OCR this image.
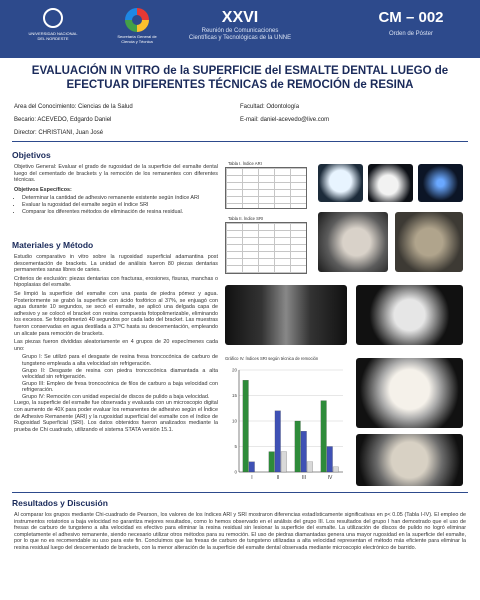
UNIVERSIDAD NACIONAL DEL NORDESTE	Secretaría General de Ciencia y Técnica
XXVI
Reunión de Comunicaciones
Científicas y Tecnológicas de la UNNE
CM – 002
Orden de Póster
EVALUACIÓN IN VITRO de la SUPERFICIE del ESMALTE DENTAL LUEGO de
EFECTUAR DIFERENTES TÉCNICAS de REMOCIÓN de RESINA
Area del Conocimiento: Ciencias de la Salud	Facultad: Odontología
Becario: ACEVEDO, Edgardo Daniel	E-mail: daniel-acevedo@live.com
Director: CHRISTIANI, Juan José
Objetivos

Objetivo General: Evaluar el grado de rugosidad de la superficie del esmalte dental luego del cementado de brackets y la remoción de los remanentes con diferentes técnicas.

Objetivos Específicos:

• Determinar la cantidad de adhesivo remanente existente según índice ARI
• Evaluar la rugosidad del esmalte según el índice SRI
• Comparar los diferentes métodos de eliminación de resina residual.
Materiales y Método

Estudio comparativo in vitro sobre la rugosidad superficial adamantina post descementación de brackets. La unidad de análisis fueron 80 piezas dentarias permanentes sanas libres de caries.

Criterios de exclusión: piezas dentarias con fracturas, erosiones, fisuras, manchas o hipoplasias del esmalte.

Se limpió la superficie del esmalte con una pasta de piedra pómez y agua. Posteriormente se grabó la superficie con ácido fosfórico al 37%, se enjuagó con agua durante 10 segundos, se secó el esmalte, se aplicó una delgada capa de adhesivo y se colocó el bracket con resina compuesta fotopolimerizable, eliminando los excesos. Se fotopolimerizó 40 segundos por cada lado del bracket. Las muestras fueron conservadas en agua destilada a 37ºC hasta su descementación, empleando un alicate para remoción de brackets.

Las piezas fueron divididas aleatoriamente en 4 grupos de 20 especímenes cada uno:

• Grupo I: Se utilizó para el desgaste de resina fresa troncocónica de carburo de tungsteno empleada a alta velocidad sin refrigeración.
• Grupo II: Desgaste de resina con piedra troncocónica diamantada a alta velocidad sin refrigeración.
• Grupo III: Empleo de fresa troncocónica de filos de carburo a baja velocidad con refrigeración.
• Grupo IV: Remoción con unidad especial de discos de pulido a baja velocidad.

Luego, la superficie del esmalte fue observada y evaluada con un microscopio digital con aumento de 40X para poder evaluar los remanentes de adhesivo según el Índice de Adhesivo Remanente (ARI) y la rugosidad superficial del esmalte con el índice de Rugosidad Superficial (SRI). Los datos obtenidos fueron analizados mediante la prueba de Chi cuadrado, utilizando el sistema STATA versión 15.1.

Tabla I. Índice ARI
Tabla II. Índice SRI
Gráfico IV. Índices SRI según técnica de remoción
0
5
10
15
20
I	II	III	IV
Resultados y Discusión

Al comparar los grupos mediante Chi-cuadrado de Pearson, los valores de los índices ARI y SRI mostraron diferencias estadísticamente significativas en p< 0.05 (Tabla I-IV). El empleo de instrumentos rotatorios a baja velocidad no garantiza mejores resultados, como lo hemos observado en el análisis del grupo III. Los resultados del grupo I han demostrado que el uso de fresas de carburo de tungsteno a alta velocidad es efectivo para eliminar la resina residual sin lesionar la superficie del esmalte. La utilización de discos de pulido no logró eliminar completamente el adhesivo remanente, siendo necesario utilizar otros métodos para su remoción. El uso de piedras diamantadas genera una mayor rugosidad en la superficie del esmalte, por lo que no es recomendable su uso para este fin. Concluimos que las fresas de carburo de tungsteno utilizadas a alta velocidad representan el método más eficiente para eliminar la resina residual luego del descementado de brackets, con la menor alteración de la superficie del esmalte dental observada mediante microscopio electrónico de barrido.
